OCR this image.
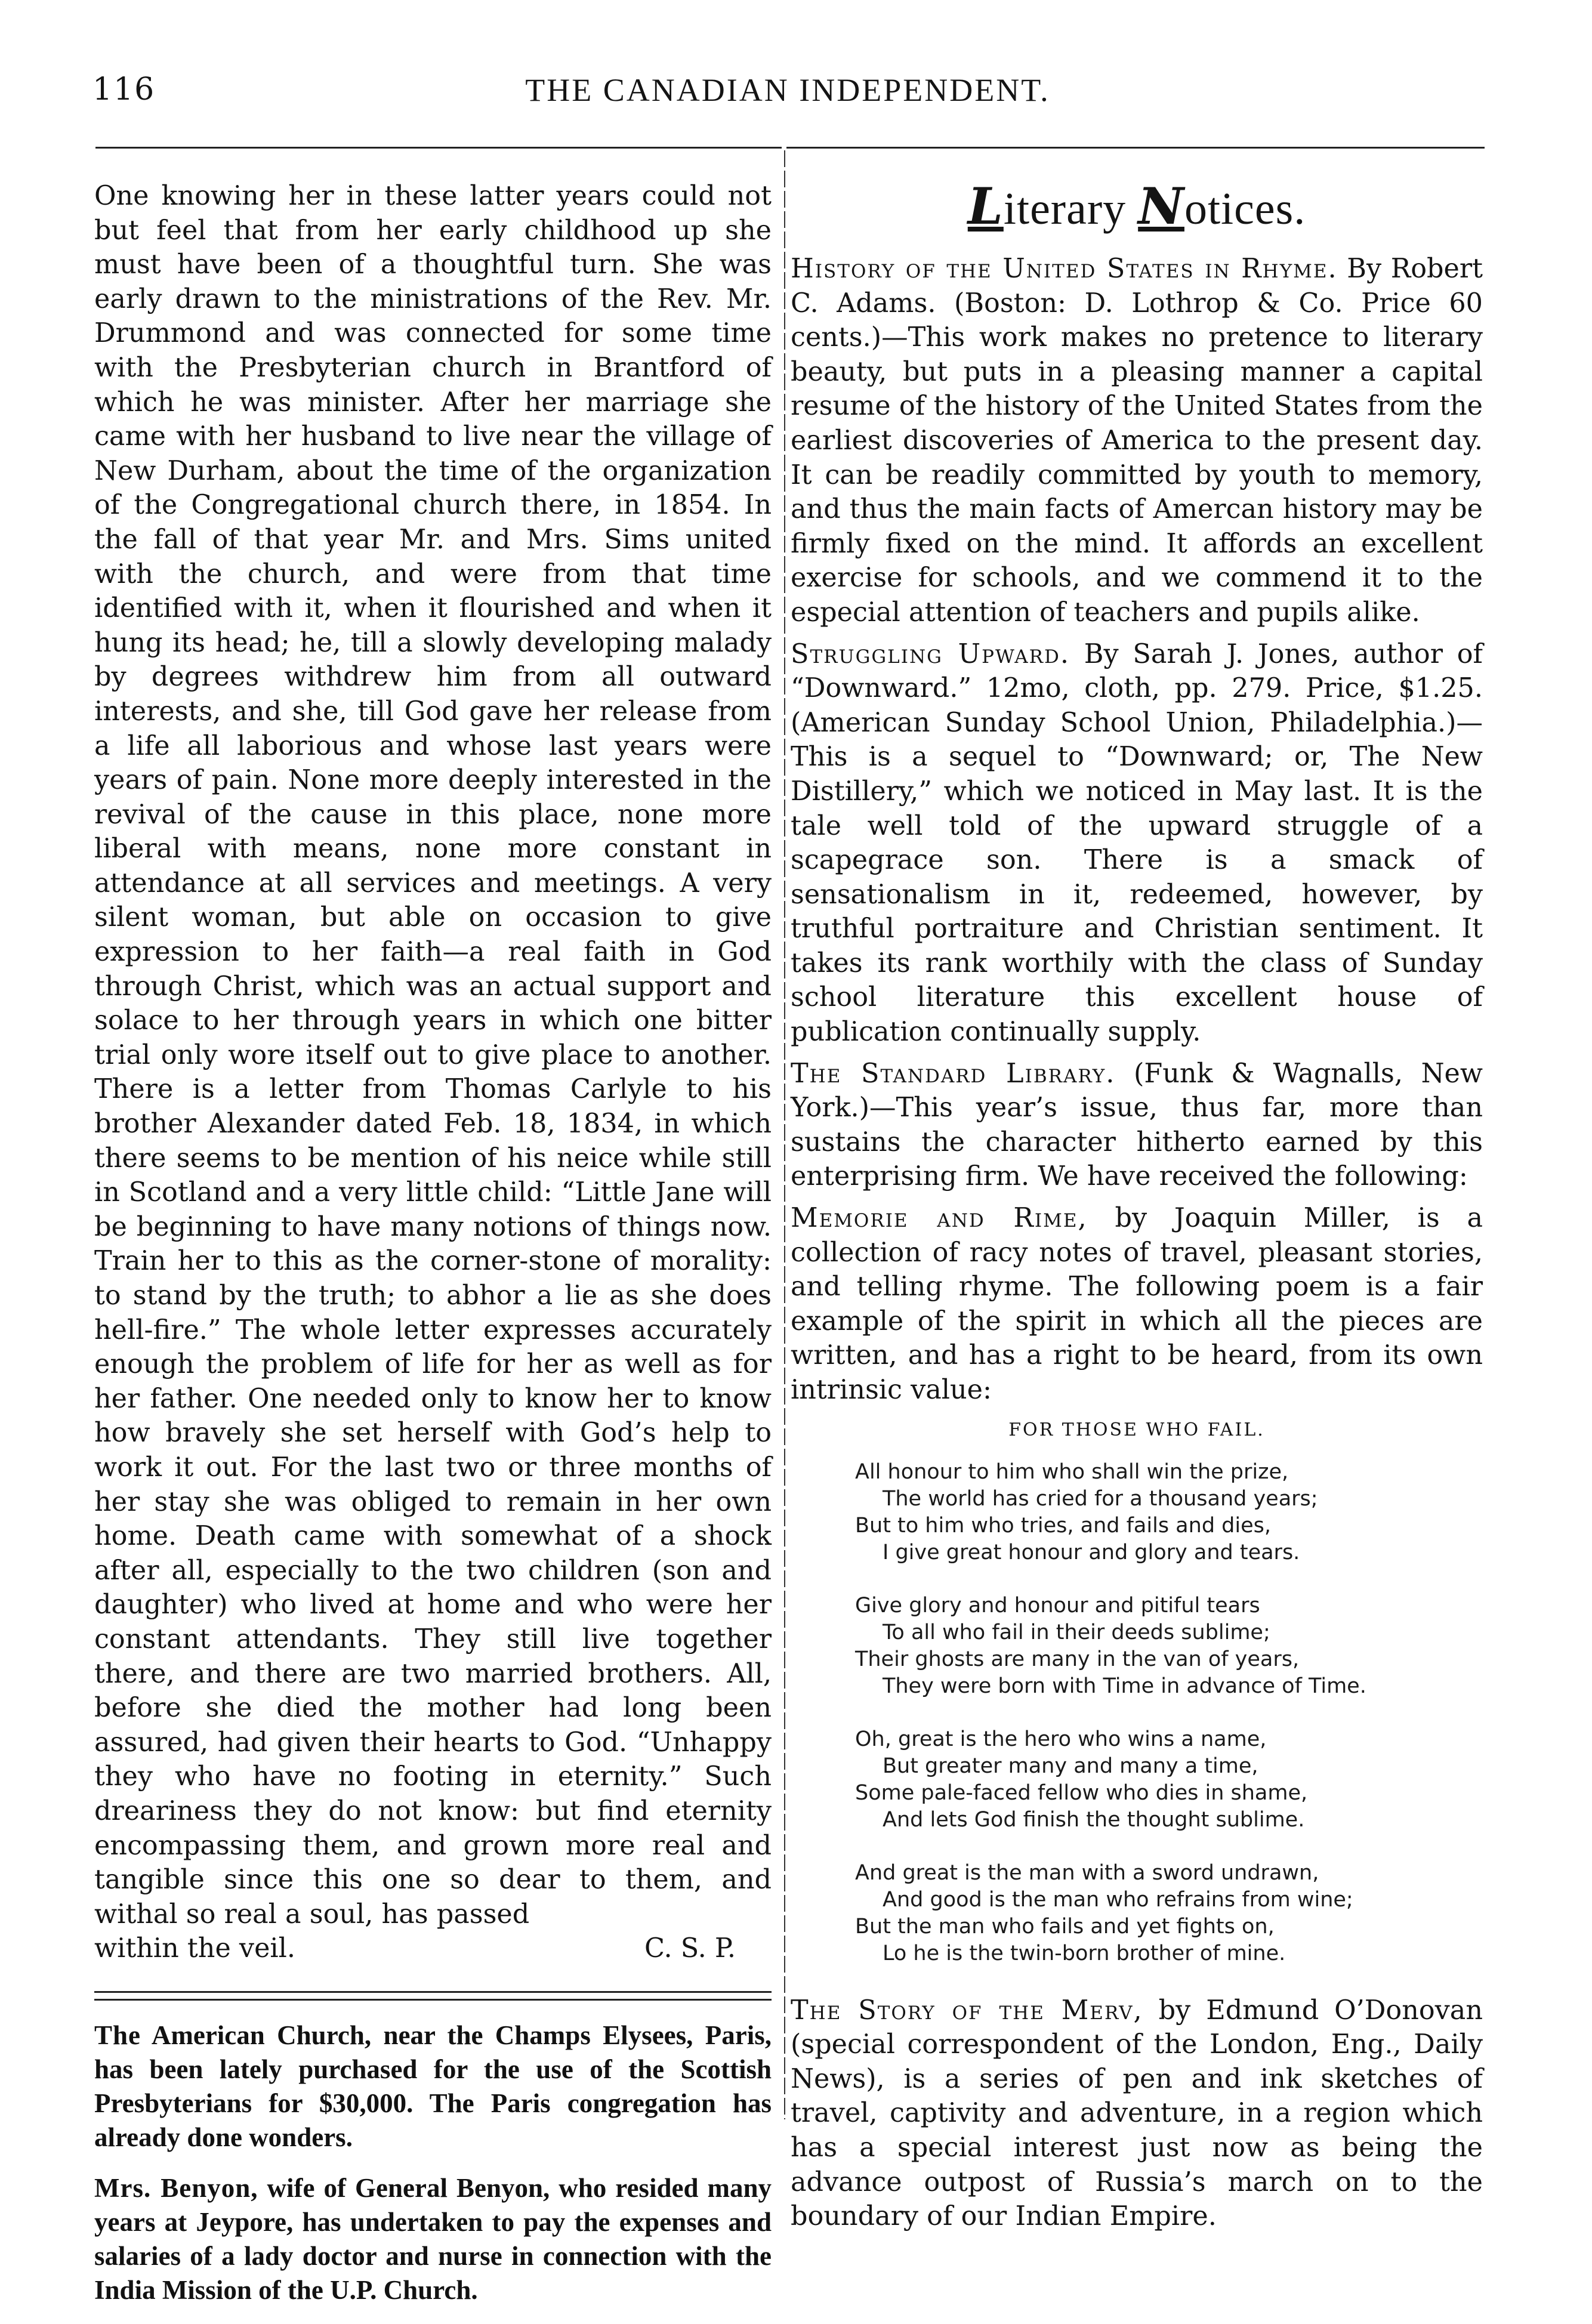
116	THE CANADIAN INDEPENDENT.

One knowing her in these latter years could not but feel that from her early childhood up she must have been of a thoughtful turn. She was early drawn to the ministrations of the Rev. Mr. Drummond and was connected for some time with the Presbyterian church in Brantford of which he was minister. After her marriage she came with her husband to live near the village of New Durham, about the time of the organization of the Congregational church there, in 1854. In the fall of that year Mr. and Mrs. Sims united with the church, and were from that time identified with it, when it flourished and when it hung its head; he, till a slowly developing malady by degrees withdrew him from all outward interests, and she, till God gave her release from a life all laborious and whose last years were years of pain. None more deeply interested in the revival of the cause in this place, none more liberal with means, none more constant in attendance at all services and meetings. A very silent woman, but able on occasion to give expression to her faith—a real faith in God through Christ, which was an actual support and solace to her through years in which one bitter trial only wore itself out to give place to another. There is a letter from Thomas Carlyle to his brother Alexander dated Feb. 18, 1834, in which there seems to be mention of his neice while still in Scotland and a very little child: “Little Jane will be beginning to have many notions of things now. Train her to this as the corner-stone of morality: to stand by the truth; to abhor a lie as she does hell-fire.” The whole letter expresses accurately enough the problem of life for her as well as for her father. One needed only to know her to know how bravely she set herself with God’s help to work it out. For the last two or three months of her stay she was obliged to remain in her own home. Death came with somewhat of a shock after all, especially to the two children (son and daughter) who lived at home and who were her constant attendants. They still live together there, and there are two married brothers. All, before she died the mother had long been assured, had given their hearts to God. “Unhappy they who have no footing in eternity.” Such dreariness they do not know: but find eternity encompassing them, and grown more real and tangible since this one so dear to them, and withal so real a soul, has passed

within the veil.	C. S. P.

The American Church, near the Champs Elysees, Paris, has been lately purchased for the use of the Scottish Presbyterians for $30,000. The Paris congregation has already done wonders.

Mrs. Benyon, wife of General Benyon, who resided many years at Jeypore, has undertaken to pay the expenses and salaries of a lady doctor and nurse in connection with the India Mission of the U.P. Church.

Literary Notices.

History of the United States in Rhyme. By Robert C. Adams. (Boston: D. Lothrop & Co. Price 60 cents.)—This work makes no pretence to literary beauty, but puts in a pleasing manner a capital resume of the history of the United States from the earliest discoveries of America to the present day. It can be readily committed by youth to memory, and thus the main facts of Amercan history may be firmly fixed on the mind. It affords an excellent exercise for schools, and we commend it to the especial attention of teachers and pupils alike.

Struggling Upward. By Sarah J. Jones, author of “Downward.” 12mo, cloth, pp. 279. Price, $1.25. (American Sunday School Union, Philadelphia.)—This is a sequel to “Downward; or, The New Distillery,” which we noticed in May last. It is the tale well told of the upward struggle of a scapegrace son. There is a smack of sensationalism in it, redeemed, however, by truthful portraiture and Christian sentiment. It takes its rank worthily with the class of Sunday school literature this excellent house of publication continually supply.

The Standard Library. (Funk & Wagnalls, New York.)—This year’s issue, thus far, more than sustains the character hitherto earned by this enterprising firm. We have received the following:

Memorie and Rime, by Joaquin Miller, is a collection of racy notes of travel, pleasant stories, and telling rhyme. The following poem is a fair example of the spirit in which all the pieces are written, and has a right to be heard, from its own intrinsic value:

FOR THOSE WHO FAIL.
All honour to him who shall win the prize,
The world has cried for a thousand years;
But to him who tries, and fails and dies,
I give great honour and glory and tears.
Give glory and honour and pitiful tears
To all who fail in their deeds sublime;
Their ghosts are many in the van of years,
They were born with Time in advance of Time.
Oh, great is the hero who wins a name,
But greater many and many a time,
Some pale-faced fellow who dies in shame,
And lets God finish the thought sublime.
And great is the man with a sword undrawn,
And good is the man who refrains from wine;
But the man who fails and yet fights on,
Lo he is the twin-born brother of mine.

The Story of the Merv, by Edmund O’Donovan (special correspondent of the London, Eng., Daily News), is a series of pen and ink sketches of travel, captivity and adventure, in a region which has a special interest just now as being the advance outpost of Russia’s march on to the boundary of our Indian Empire.
